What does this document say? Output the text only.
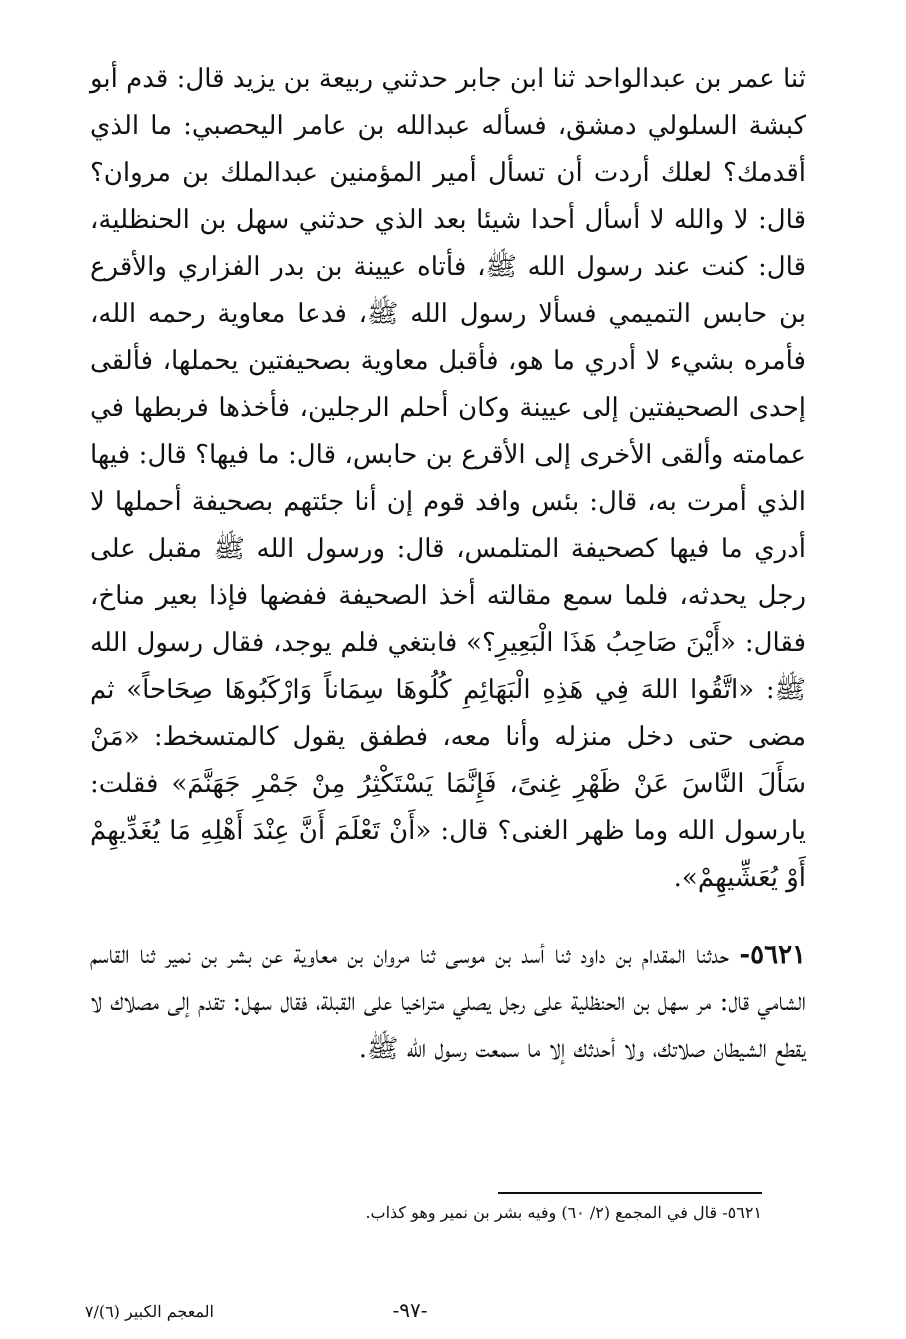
ثنا عمر بن عبدالواحد ثنا ابن جابر حدثني ربيعة بن يزيد قال: قدم أبو كبشة السلولي دمشق، فسأله عبدالله بن عامر اليحصبي: ما الذي أقدمك؟ لعلك أردت أن تسأل أمير المؤمنين عبدالملك بن مروان؟ قال: لا والله لا أسأل أحدا شيئا بعد الذي حدثني سهل بن الحنظلية، قال: كنت عند رسول الله ﷺ، فأتاه عيينة بن بدر الفزاري والأقرع بن حابس التميمي فسألا رسول الله ﷺ، فدعا معاوية رحمه الله، فأمره بشيء لا أدري ما هو، فأقبل معاوية بصحيفتين يحملها، فألقى إحدى الصحيفتين إلى عيينة وكان أحلم الرجلين، فأخذها فربطها في عمامته وألقى الأخرى إلى الأقرع بن حابس، قال: ما فيها؟ قال: فيها الذي أمرت به، قال: بئس وافد قوم إن أنا جئتهم بصحيفة أحملها لا أدري ما فيها كصحيفة المتلمس، قال: ورسول الله ﷺ مقبل على رجل يحدثه، فلما سمع مقالته أخذ الصحيفة ففضها فإذا بعير مناخ، فقال: «أَيْنَ صَاحِبُ هَذَا الْبَعِيرِ؟» فابتغي فلم يوجد، فقال رسول الله ﷺ: «اتَّقُوا اللهَ فِي هَذِهِ الْبَهَائِمِ كُلُوهَا سِمَاناً وَارْكَبُوهَا صِحَاحاً» ثم مضى حتى دخل منزله وأنا معه، فطفق يقول كالمتسخط: «مَنْ سَأَلَ النَّاسَ عَنْ ظَهْرِ غِنىً، فَإِنَّمَا يَسْتَكْثِرُ مِنْ جَمْرِ جَهَنَّمَ» فقلت: يارسول الله وما ظهر الغنى؟ قال: «أَنْ تَعْلَمَ أَنَّ عِنْدَ أَهْلِهِ مَا يُغَدِّيهِمْ أَوْ يُعَشِّيهِمْ».

٥٦٢١- حدثنا المقدام بن داود ثنا أسد بن موسى ثنا مروان بن معاوية عن بشر بن نمير ثنا القاسم الشامي قال: مر سهل بن الحنظلية على رجل يصلي متراخيا على القبلة، فقال سهل: تقدم إلى مصلاك لا يقطع الشيطان صلاتك، ولا أحدثك إلا ما سمعت رسول الله ﷺ.

٥٦٢١- قال في المجمع (٢/ ٦٠) وفيه بشر بن نمير وهو كذاب.
-٩٧-
المعجم الكبير (٦)/٧
